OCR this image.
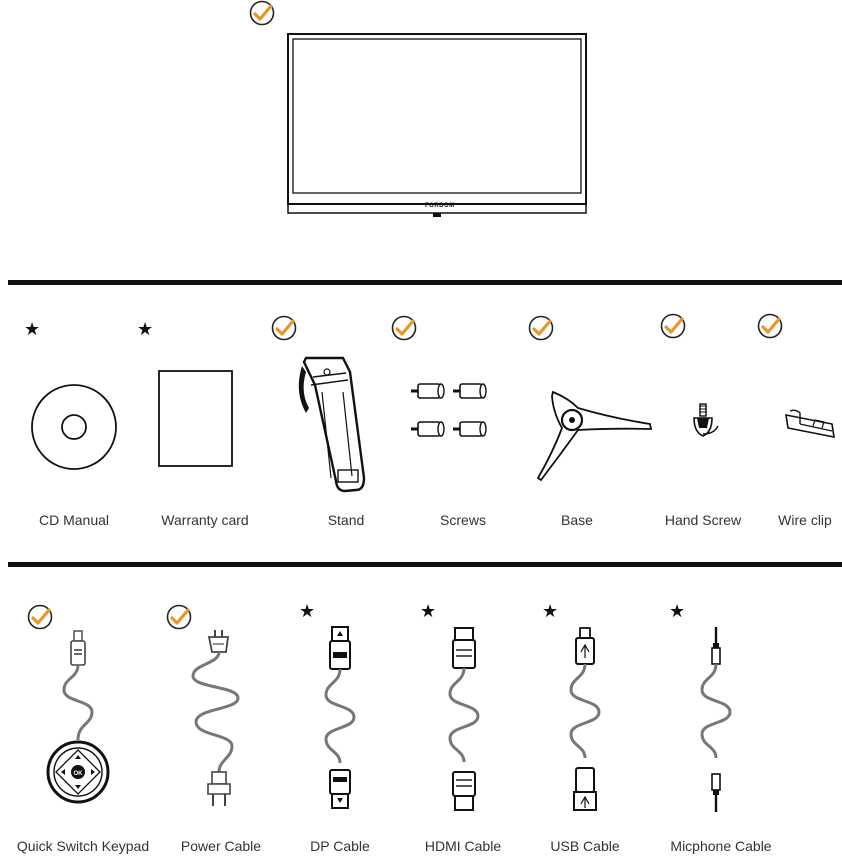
OK
FORDOM
★	★
★	★	★	★
CD Manual	Warranty card	Stand	Screws	Base	Hand Screw	Wire clip
Quick Switch Keypad Power Cable	DP Cable	HDMI Cable	USB Cable	Micphone Cable
